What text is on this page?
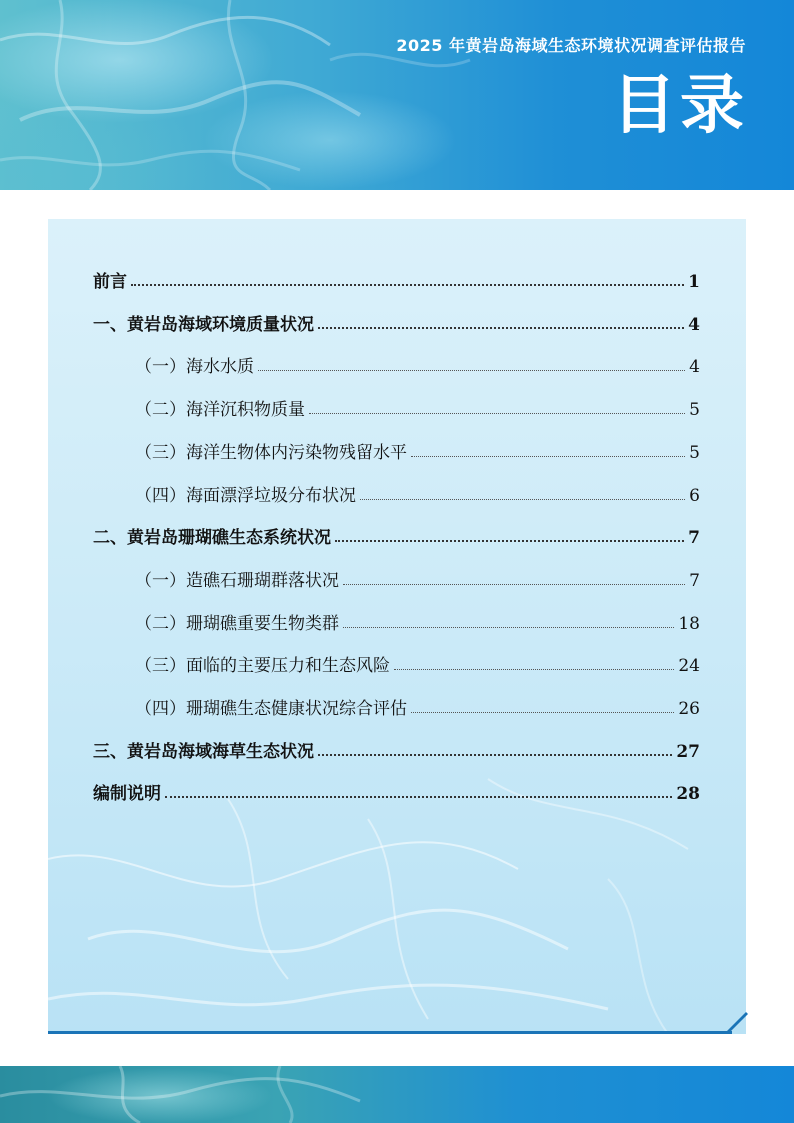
2025 年黄岩岛海域生态环境状况调查评估报告
目录
前言	1
一、黄岩岛海域环境质量状况	4
（一）海水水质	4
（二）海洋沉积物质量	5
（三）海洋生物体内污染物残留水平	5
（四）海面漂浮垃圾分布状况	6
二、黄岩岛珊瑚礁生态系统状况	7
（一）造礁石珊瑚群落状况	7
（二）珊瑚礁重要生物类群	18
（三）面临的主要压力和生态风险	24
（四）珊瑚礁生态健康状况综合评估	26
三、黄岩岛海域海草生态状况	27
编制说明	28
